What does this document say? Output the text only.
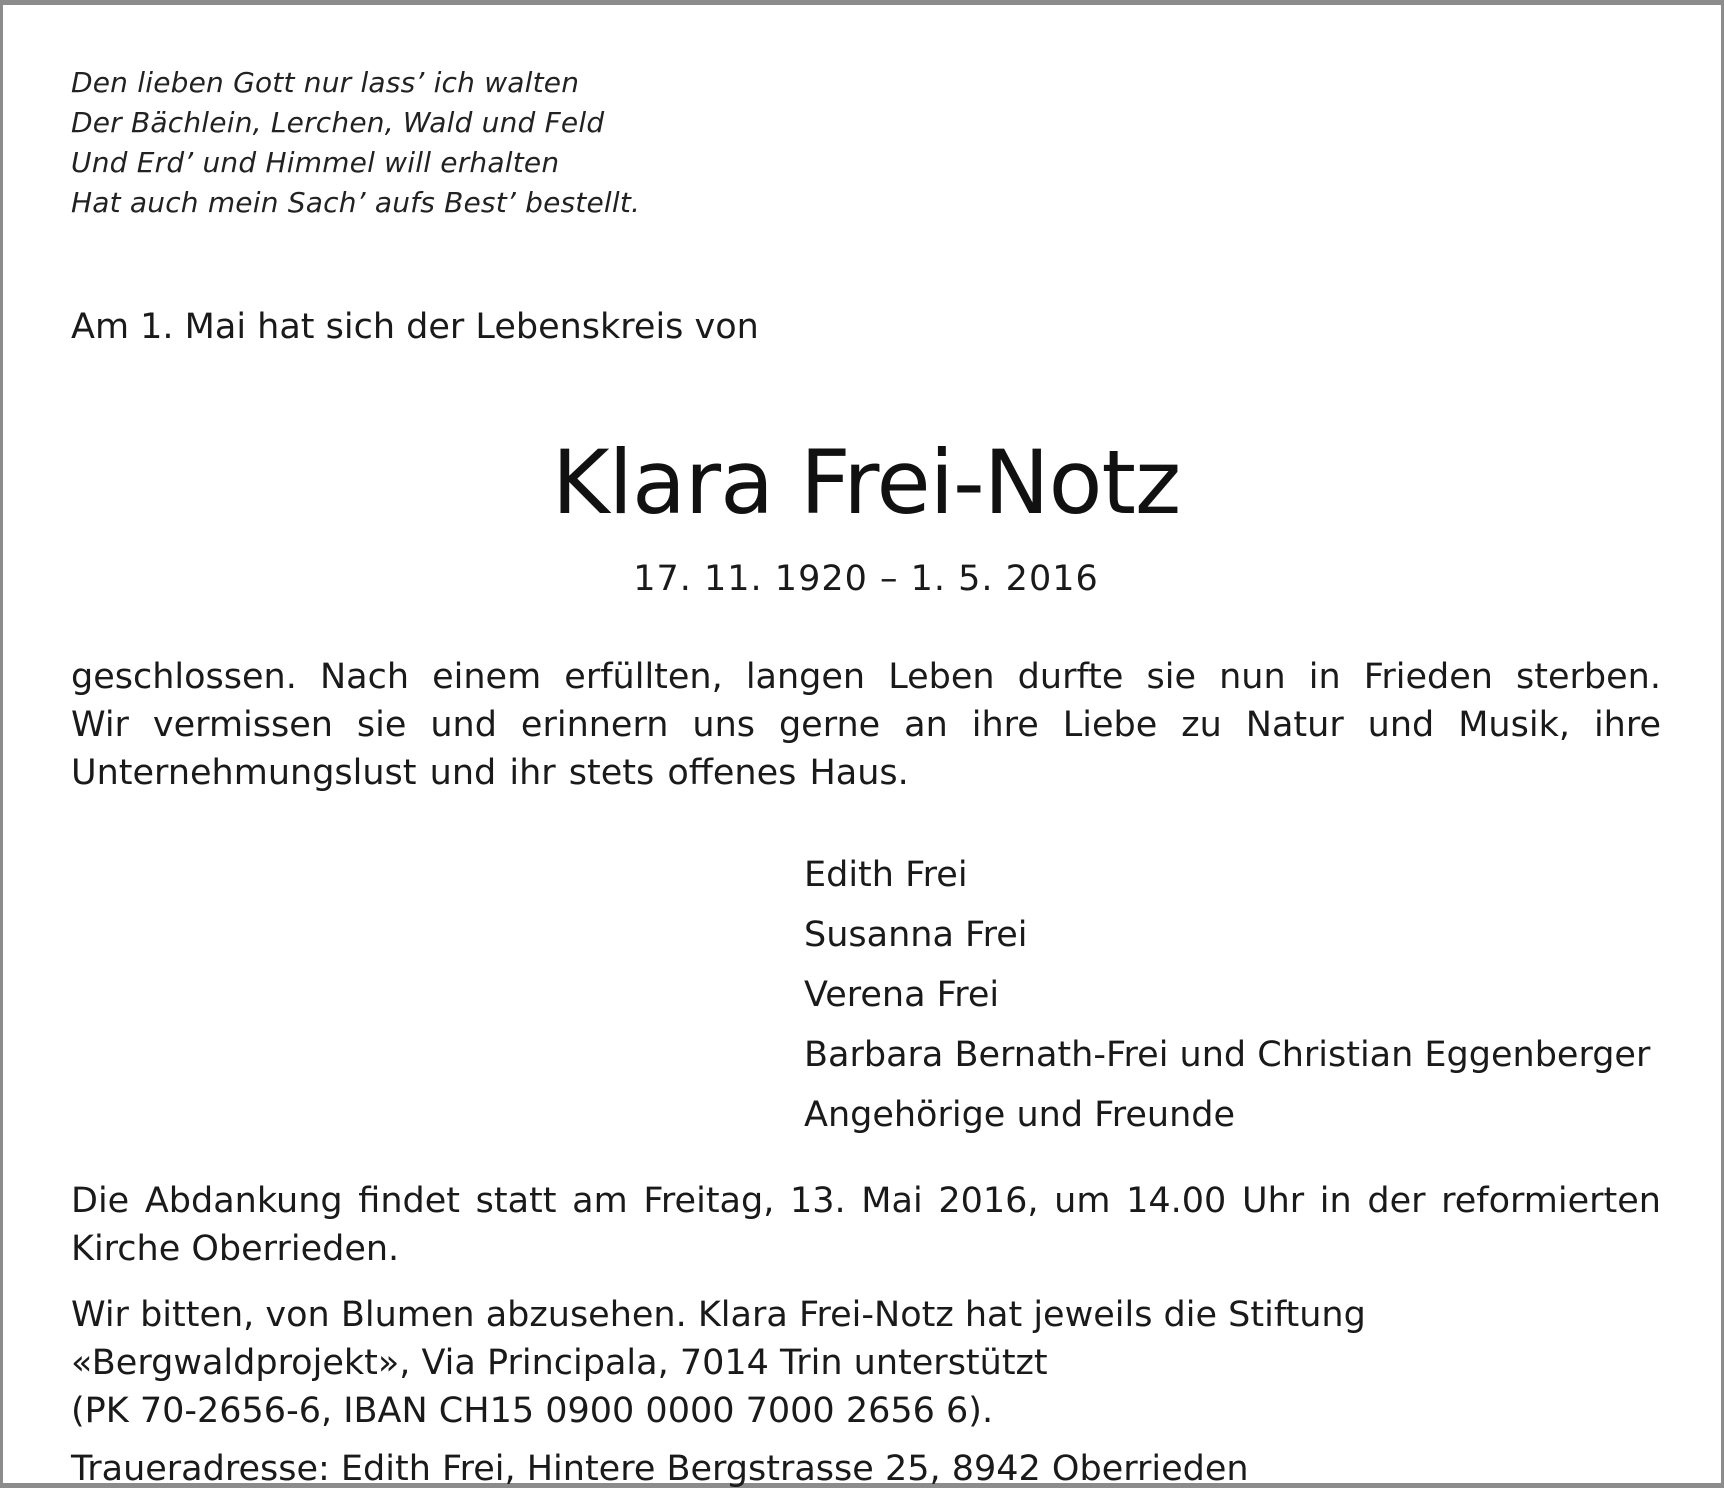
Den lieben Gott nur lass’ ich walten
Der Bächlein, Lerchen, Wald und Feld
Und Erd’ und Himmel will erhalten
Hat auch mein Sach’ aufs Best’ bestellt.
Am 1. Mai hat sich der Lebenskreis von
Klara Frei-Notz
17. 11. 1920 – 1. 5. 2016
geschlossen. Nach einem erfüllten, langen Leben durfte sie nun in Frieden sterben.
Wir vermissen sie und erinnern uns gerne an ihre Liebe zu Natur und Musik, ihre
Unternehmungslust und ihr stets offenes Haus.
Edith Frei
Susanna Frei
Verena Frei
Barbara Bernath-Frei und Christian Eggenberger
Angehörige und Freunde
Die Abdankung findet statt am Freitag, 13. Mai 2016, um 14.00 Uhr in der reformierten
Kirche Oberrieden.
Wir bitten, von Blumen abzusehen. Klara Frei-Notz hat jeweils die Stiftung
«Bergwaldprojekt», Via Principala, 7014 Trin unterstützt
(PK 70-2656-6, IBAN CH15 0900 0000 7000 2656 6).
Traueradresse: Edith Frei, Hintere Bergstrasse 25, 8942 Oberrieden
